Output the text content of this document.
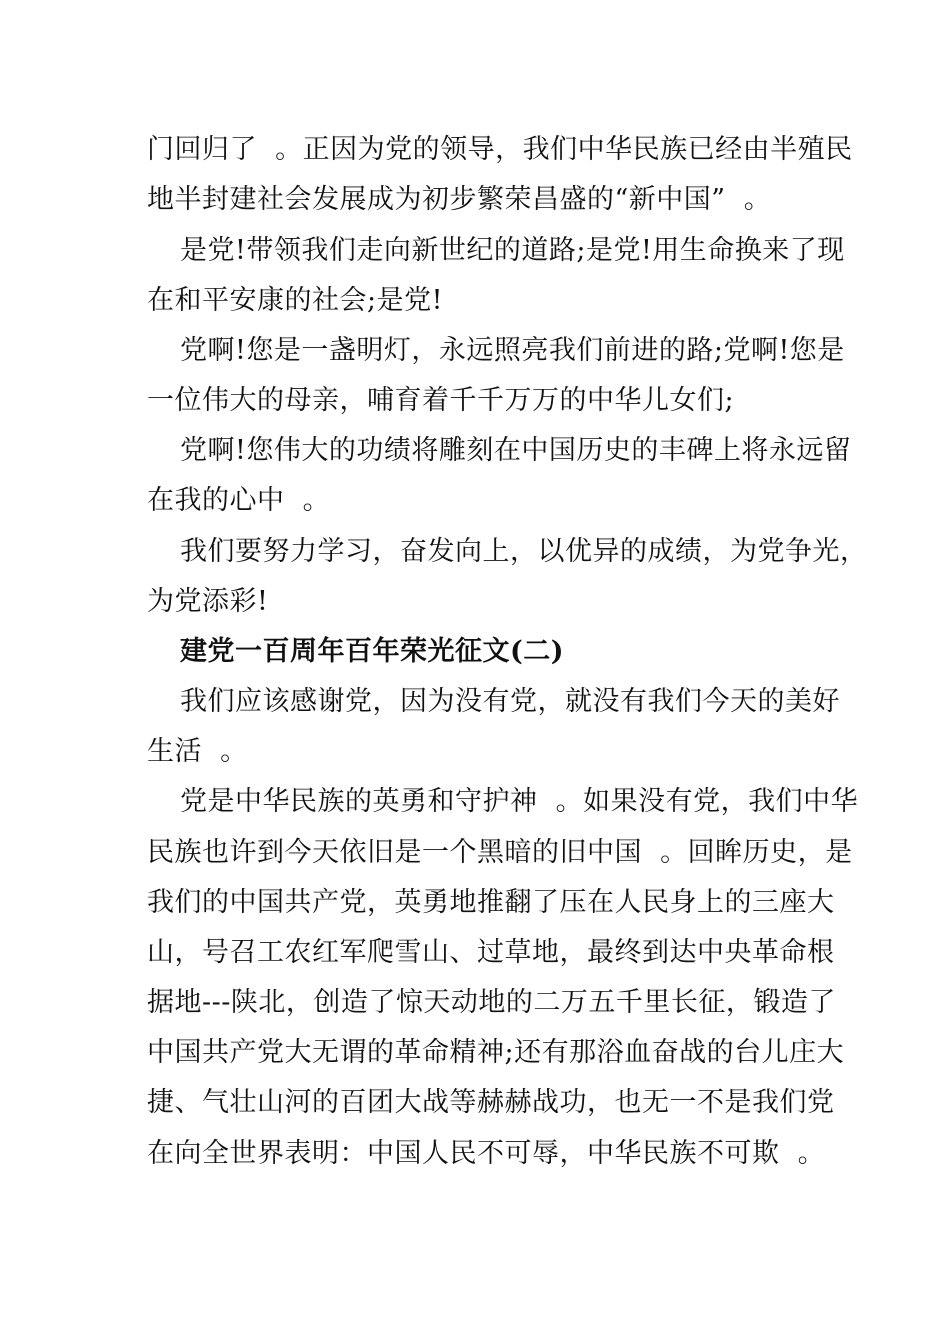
门回归了  。正因为党的领导，我们中华民族已经由半殖民
地半封建社会发展成为初步繁荣昌盛的“新中国”  。
是党!带领我们走向新世纪的道路;是党!用生命换来了现
在和平安康的社会;是党!
党啊!您是一盏明灯，永远照亮我们前进的路;党啊!您是
一位伟大的母亲，哺育着千千万万的中华儿女们;
党啊!您伟大的功绩将雕刻在中国历史的丰碑上将永远留
在我的心中  。
我们要努力学习，奋发向上，以优异的成绩，为党争光，
为党添彩!
建党一百周年百年荣光征文(二)
我们应该感谢党，因为没有党，就没有我们今天的美好
生活  。
党是中华民族的英勇和守护神  。如果没有党，我们中华
民族也许到今天依旧是一个黑暗的旧中国  。回眸历史，是
我们的中国共产党，英勇地推翻了压在人民身上的三座大
山，号召工农红军爬雪山、过草地，最终到达中央革命根
据地---陕北，创造了惊天动地的二万五千里长征，锻造了
中国共产党大无谓的革命精神;还有那浴血奋战的台儿庄大
捷、气壮山河的百团大战等赫赫战功，也无一不是我们党
在向全世界表明：中国人民不可辱，中华民族不可欺  。
